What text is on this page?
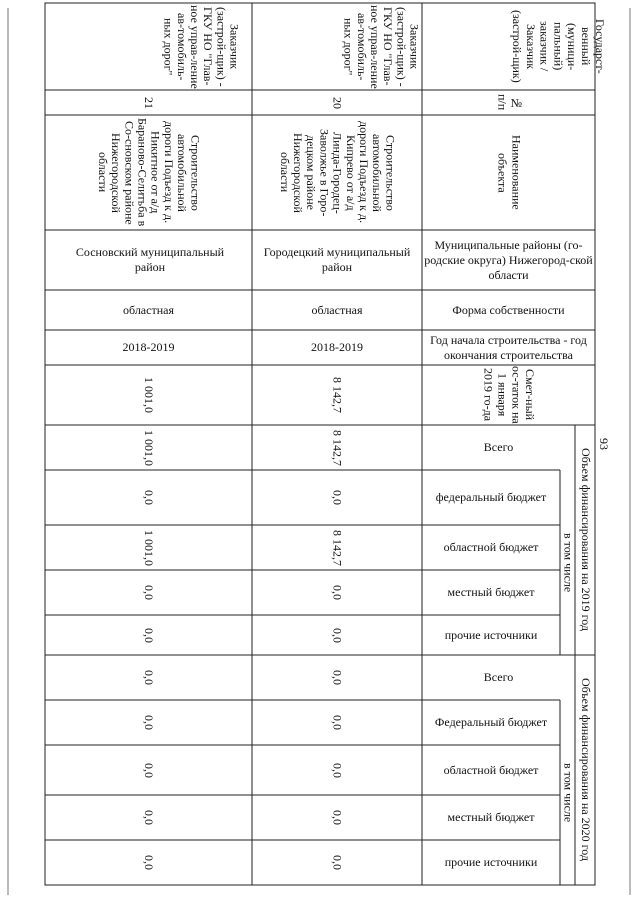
93
Государст-венный (муници-пальный) заказчик / Заказчик (застрой-щик)
№ п/п
Наименование объекта
Муниципальные районы (го-родские округа) Нижегород-ской области
Форма собственности
Год начала строительства - год окончания строительства
Смет-ный ос-таток на 1 января 2019 го-да
Объем финансирования на 2019 год
в том числе
Всего
федеральный бюджет
областной бюджет
местный бюджет
прочие источники
Объем финансирования на 2020 год
в том числе
Всего
Федеральный бюджет
областной бюджет
местный бюджет
прочие источники
Заказчик (застрой-щик) - ГКУ НО "Глав-ное управ-ление ав-томобиль-ных дорог"
20
Строительство автомобильной дороги Подъезд к д. Кипрево от а/д Линда-Городец-Заволжье в Горо-децком районе Нижегородской области
Городецкий муниципальный район
областная
2018-2019
8 142,7
8 142,7
0,0
8 142,7
0,0
0,0
0,0
0,0
0,0
0,0
0,0
Заказчик (застрой-щик) - ГКУ НО "Глав-ное управ-ление ав-томобиль-ных дорог"
21
Строительство автомобильной дороги Подъезд к д. Никитное от а/д Бараново-Селитьба в Со-сновском районе Нижегородской области
Сосновский муниципальный район
областная
2018-2019
1 001,0
1 001,0
0,0
1 001,0
0,0
0,0
0,0
0,0
0,0
0,0
0,0
